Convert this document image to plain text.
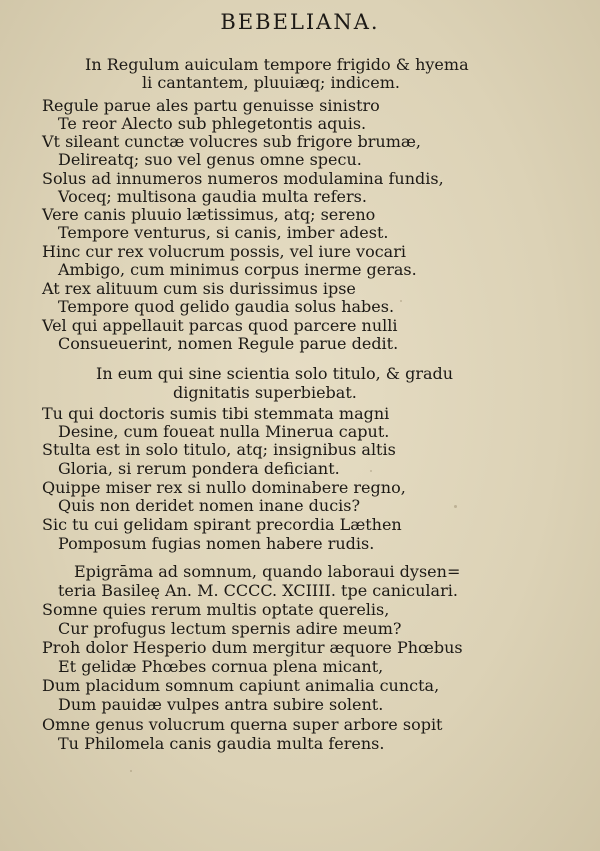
BEBELIANA.
In Regulum auiculam tempore frigido & hyema
li cantantem, pluuiæq; indicem.
Regule parue ales partu genuisse sinistro
Te reor Alecto sub phlegetontis aquis.
Vt sileant cunctæ volucres sub frigore brumæ,
Delireatq; suo vel genus omne specu.
Solus ad innumeros numeros modulamina fundis,
Voceq; multisona gaudia multa refers.
Vere canis pluuio lætissimus, atq; sereno
Tempore venturus, si canis, imber adest.
Hinc cur rex volucrum possis, vel iure vocari
Ambigo, cum minimus corpus inerme geras.
At rex alituum cum sis durissimus ipse
Tempore quod gelido gaudia solus habes.
Vel qui appellauit parcas quod parcere nulli
Consueuerint, nomen Regule parue dedit.
In eum qui sine scientia solo titulo, & gradu
dignitatis superbiebat.
Tu qui doctoris sumis tibi stemmata magni
Desine, cum foueat nulla Minerua caput.
Stulta est in solo titulo, atq; insignibus altis
Gloria, si rerum pondera deficiant.
Quippe miser rex si nullo dominabere regno,
Quis non deridet nomen inane ducis?
Sic tu cui gelidam spirant precordia Læthen
Pomposum fugias nomen habere rudis.
Epigrāma ad somnum, quando laboraui dysen=
teria Basileę An. M. CCCC. XCIIII. tpe caniculari.
Somne quies rerum multis optate querelis,
Cur profugus lectum spernis adire meum?
Proh dolor Hesperio dum mergitur æquore Phœbus
Et gelidæ Phœbes cornua plena micant,
Dum placidum somnum capiunt animalia cuncta,
Dum pauidæ vulpes antra subire solent.
Omne genus volucrum querna super arbore sopit
Tu Philomela canis gaudia multa ferens.
